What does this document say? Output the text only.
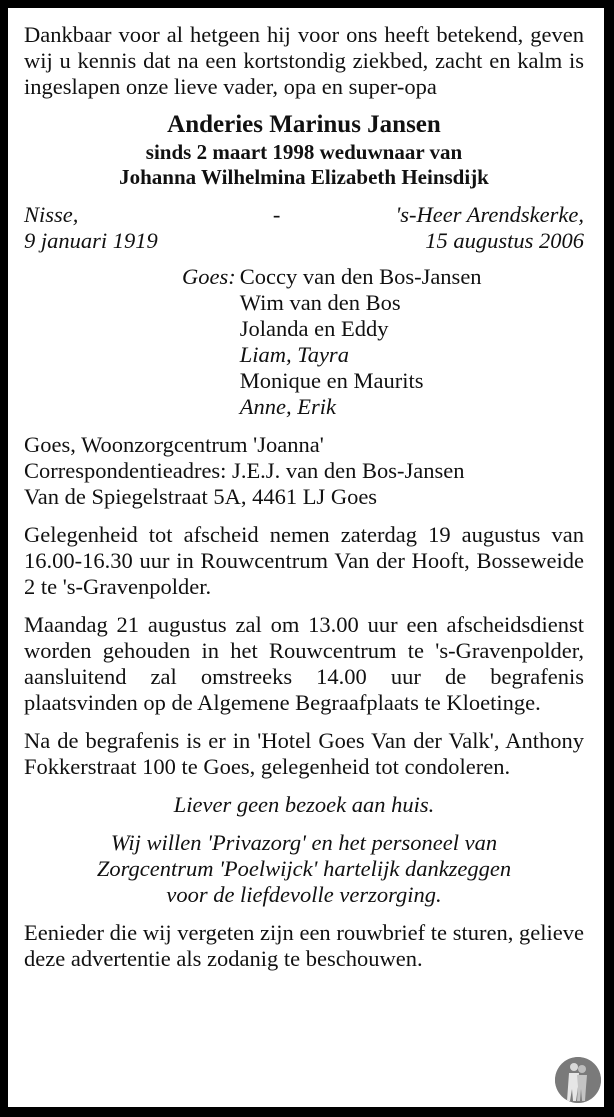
Dankbaar voor al hetgeen hij voor ons heeft betekend, geven wij u kennis dat na een kortstondig ziekbed, zacht en kalm is ingeslapen onze lieve vader, opa en super-opa

Anderies Marinus Jansen

sinds 2 maart 1998 weduwnaar van

Johanna Wilhelmina Elizabeth Heinsdijk

Nisse,
9 januari 1919
-	's-Heer Arendskerke,
15 augustus 2006
Goes: Coccy van den Bos-Jansen
Wim van den Bos
Jolanda en Eddy
Liam, Tayra
Monique en Maurits
Anne, Erik

Goes, Woonzorgcentrum 'Joanna'

Correspondentieadres: J.E.J. van den Bos-Jansen

Van de Spiegelstraat 5A, 4461 LJ Goes

Gelegenheid tot afscheid nemen zaterdag 19 augustus van 16.00-16.30 uur in Rouwcentrum Van der Hooft, Bosseweide 2 te 's-Gravenpolder.

Maandag 21 augustus zal om 13.00 uur een afscheidsdienst worden gehouden in het Rouwcentrum te 's-Gravenpolder, aansluitend zal omstreeks 14.00 uur de begrafenis plaatsvinden op de Algemene Begraafplaats te Kloetinge.

Na de begrafenis is er in 'Hotel Goes Van der Valk', Anthony Fokkerstraat 100 te Goes, gelegenheid tot condoleren.

Liever geen bezoek aan huis.

Wij willen 'Privazorg' en het personeel van

Zorgcentrum 'Poelwijck' hartelijk dankzeggen

voor de liefdevolle verzorging.

Eenieder die wij vergeten zijn een rouwbrief te sturen, gelieve deze advertentie als zodanig te beschouwen.
